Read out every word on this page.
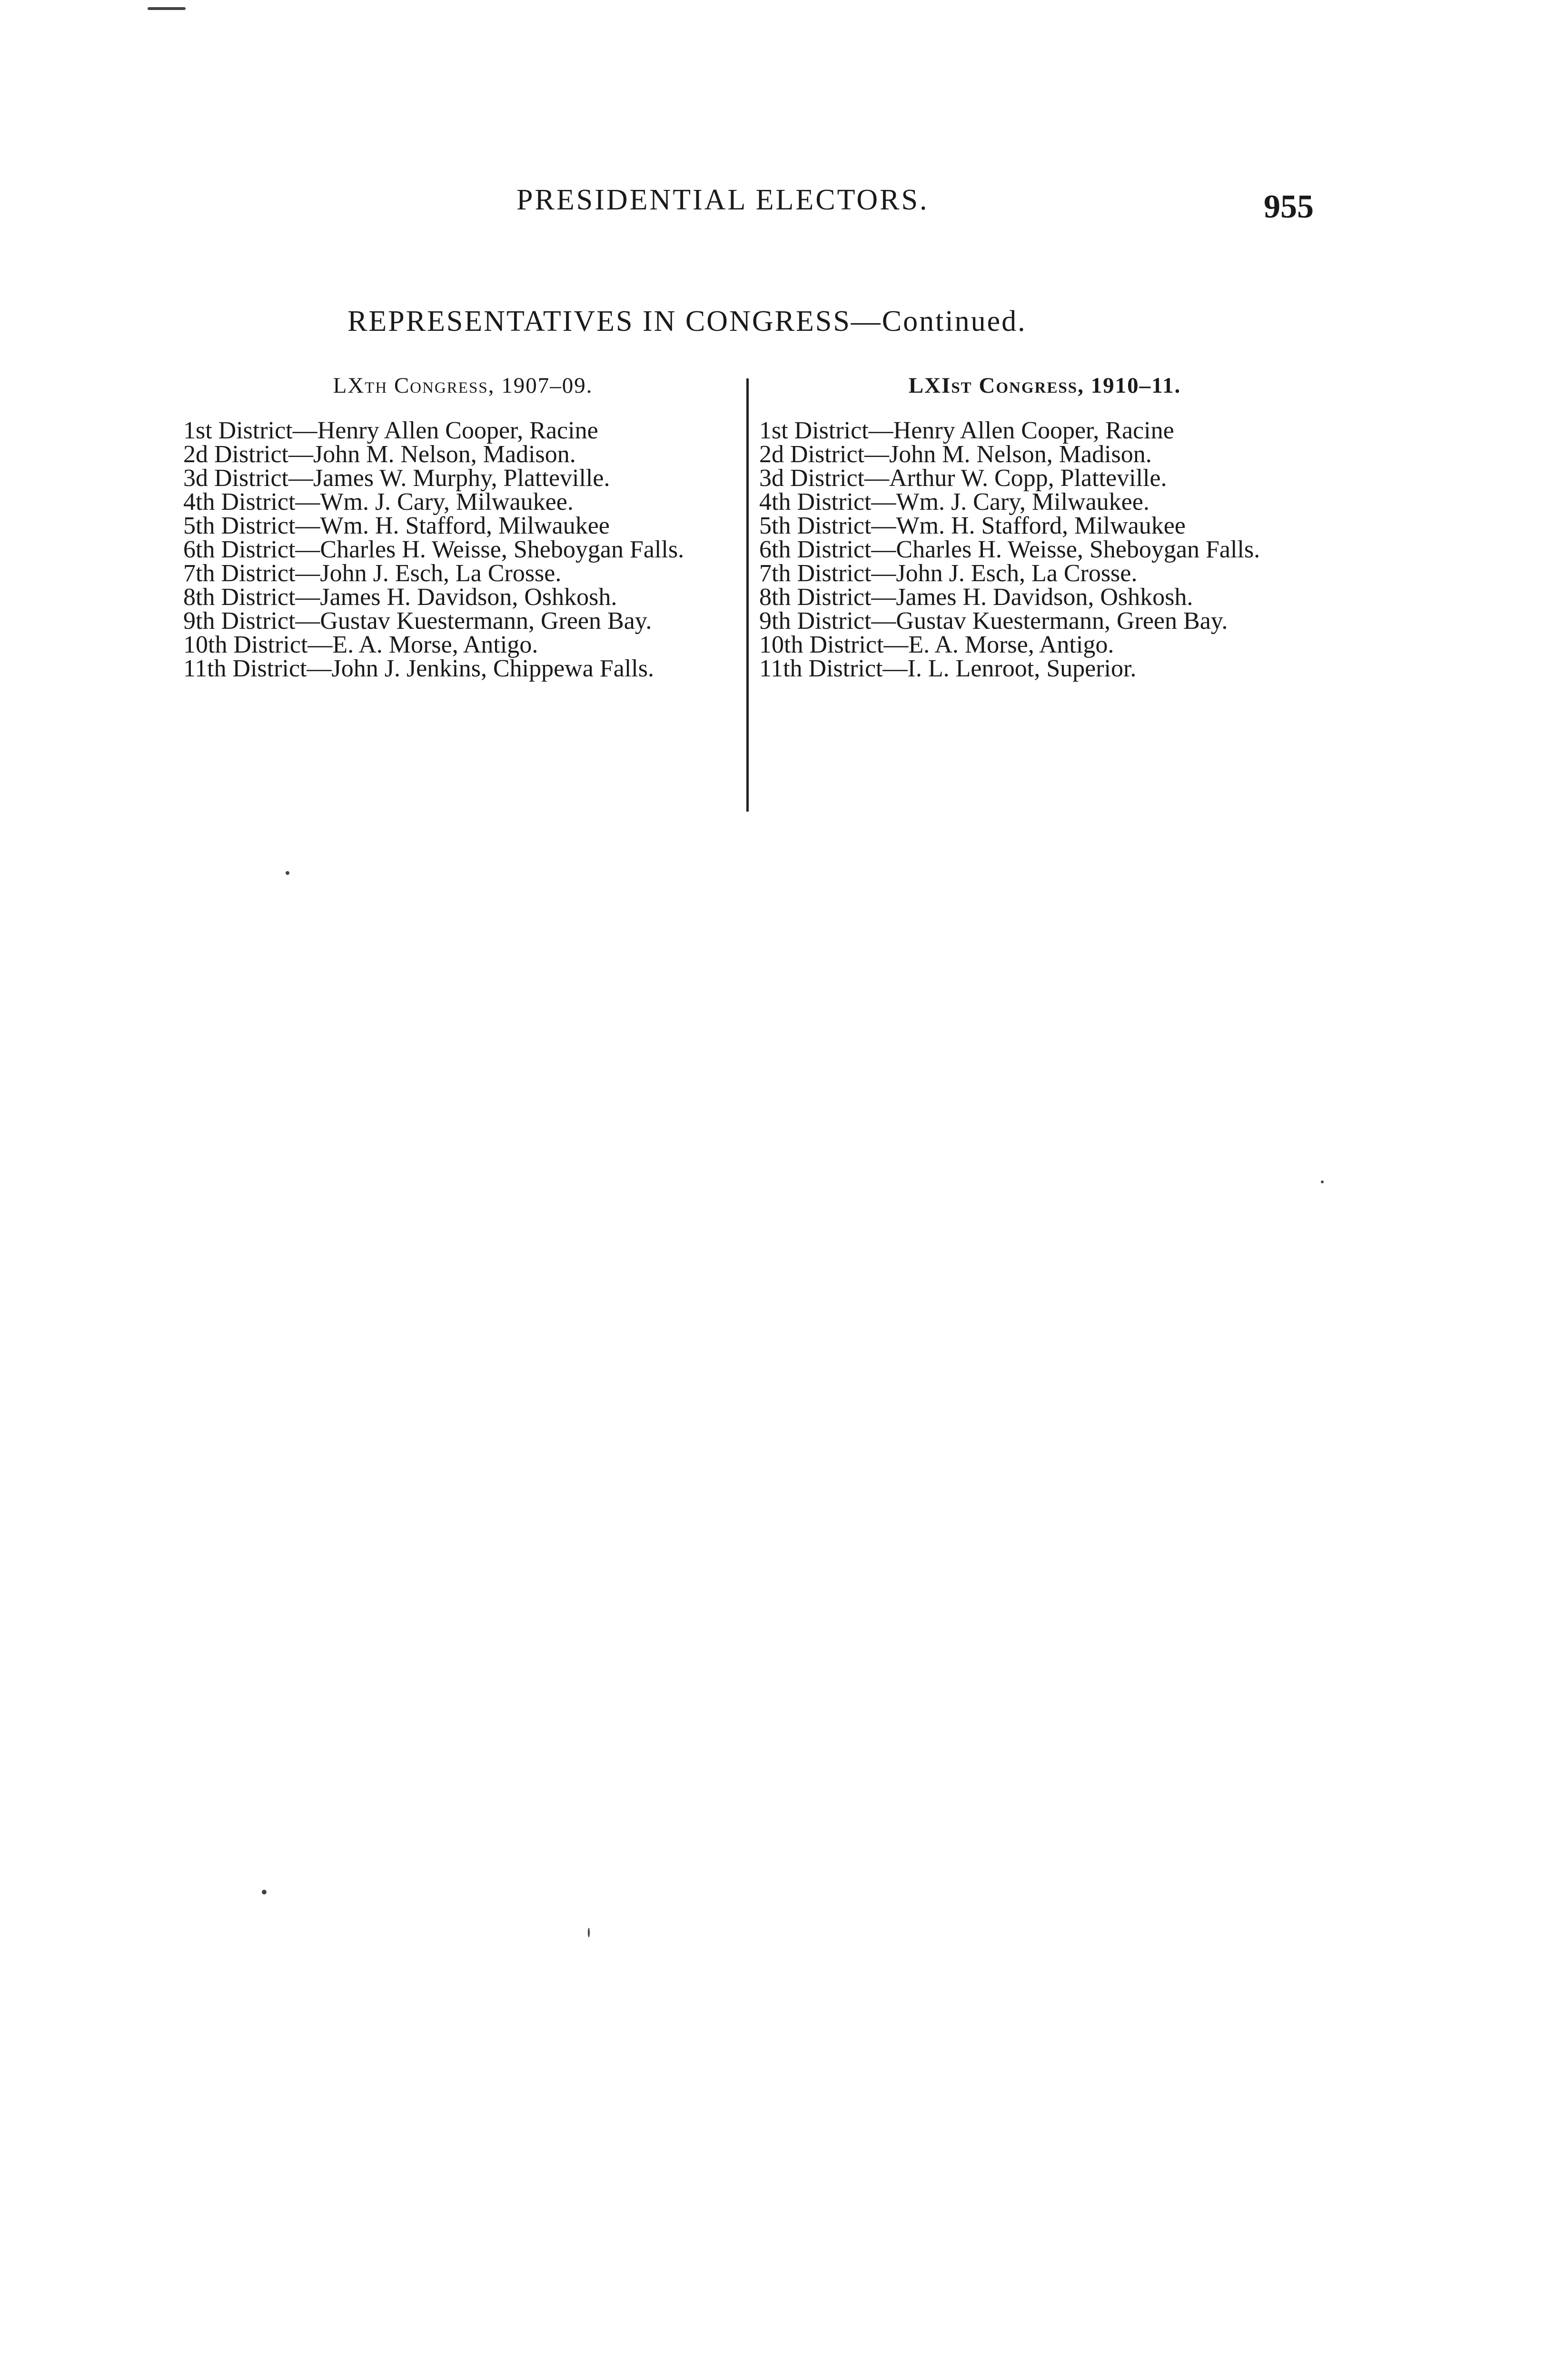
PRESIDENTIAL ELECTORS.	955
REPRESENTATIVES IN CONGRESS—Continued.
LXth Congress, 1907–09.
1st District —Henry Allen Cooper, Racine
2d District —John M. Nelson, Madison.
3d District —James W. Murphy, Platteville.
4th District —Wm. J. Cary, Milwaukee.
5th District —Wm. H. Stafford, Milwaukee
6th District —Charles H. Weisse, Sheboygan Falls.
7th District —John J. Esch, La Crosse.
8th District —James H. Davidson, Oshkosh.
9th District —Gustav Kuestermann, Green Bay.
10th District —E. A. Morse, Antigo.
11th District —John J. Jenkins, Chippewa Falls.
LXIst Congress, 1910–11.
1st District —Henry Allen Cooper, Racine
2d District —John M. Nelson, Madison.
3d District —Arthur W. Copp, Platteville.
4th District —Wm. J. Cary, Milwaukee.
5th District —Wm. H. Stafford, Milwaukee
6th District —Charles H. Weisse, Sheboygan Falls.
7th District —John J. Esch, La Crosse.
8th District —James H. Davidson, Oshkosh.
9th District —Gustav Kuestermann, Green Bay.
10th District —E. A. Morse, Antigo.
11th District —I. L. Lenroot, Superior.
